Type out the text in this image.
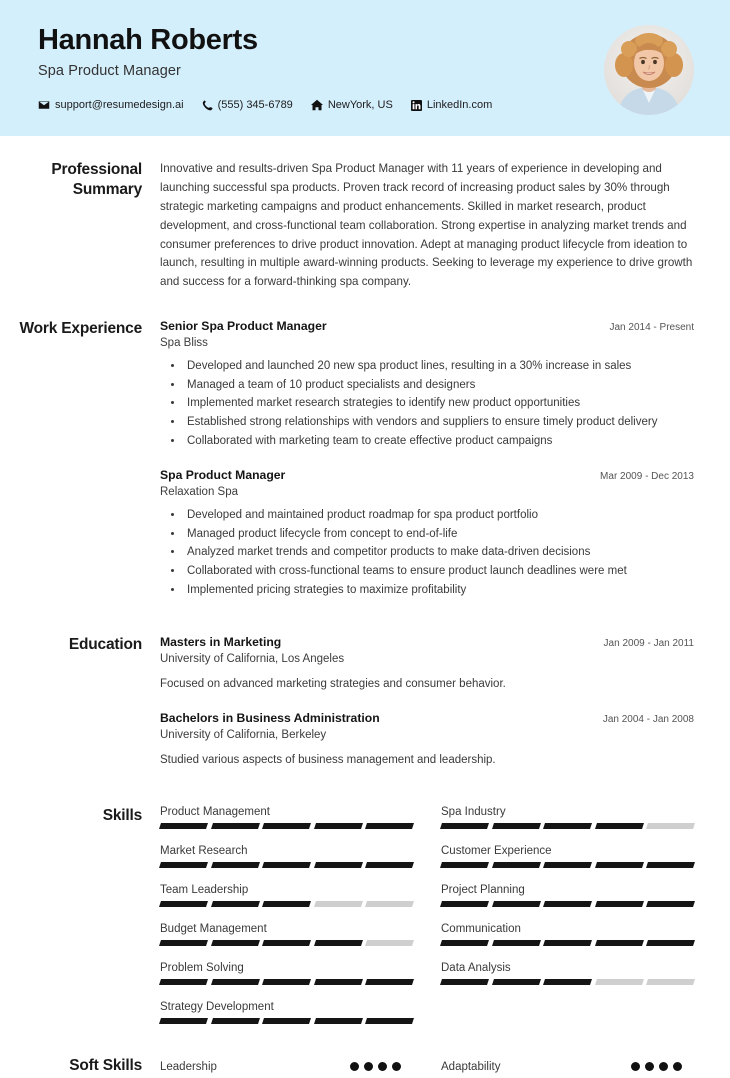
Hannah Roberts
Spa Product Manager
support@resumedesign.ai	(555) 345-6789	NewYork, US	LinkedIn.com
Professional Summary
Innovative and results-driven Spa Product Manager with 11 years of experience in developing and launching successful spa products. Proven track record of increasing product sales by 30% through strategic marketing campaigns and product enhancements. Skilled in market research, product development, and cross-functional team collaboration. Strong expertise in analyzing market trends and consumer preferences to drive product innovation. Adept at managing product lifecycle from ideation to launch, resulting in multiple award-winning products. Seeking to leverage my experience to drive growth and success for a forward-thinking spa company.
Work Experience	Senior Spa Product Manager	Jan 2014 - Present
Spa Bliss
• Developed and launched 20 new spa product lines, resulting in a 30% increase in sales
• Managed a team of 10 product specialists and designers
• Implemented market research strategies to identify new product opportunities
• Established strong relationships with vendors and suppliers to ensure timely product delivery
• Collaborated with marketing team to create effective product campaigns
Spa Product Manager	Mar 2009 - Dec 2013
Relaxation Spa
• Developed and maintained product roadmap for spa product portfolio
• Managed product lifecycle from concept to end-of-life
• Analyzed market trends and competitor products to make data-driven decisions
• Collaborated with cross-functional teams to ensure product launch deadlines were met
• Implemented pricing strategies to maximize profitability
Education	Masters in Marketing	Jan 2009 - Jan 2011
University of California, Los Angeles
Focused on advanced marketing strategies and consumer behavior.
Bachelors in Business Administration	Jan 2004 - Jan 2008
University of California, Berkeley
Studied various aspects of business management and leadership.
Skills	Product Management	Spa Industry
Market Research	Customer Experience
Team Leadership	Project Planning
Budget Management	Communication
Problem Solving	Data Analysis
Strategy Development
Soft Skills	Leadership	Adaptability
